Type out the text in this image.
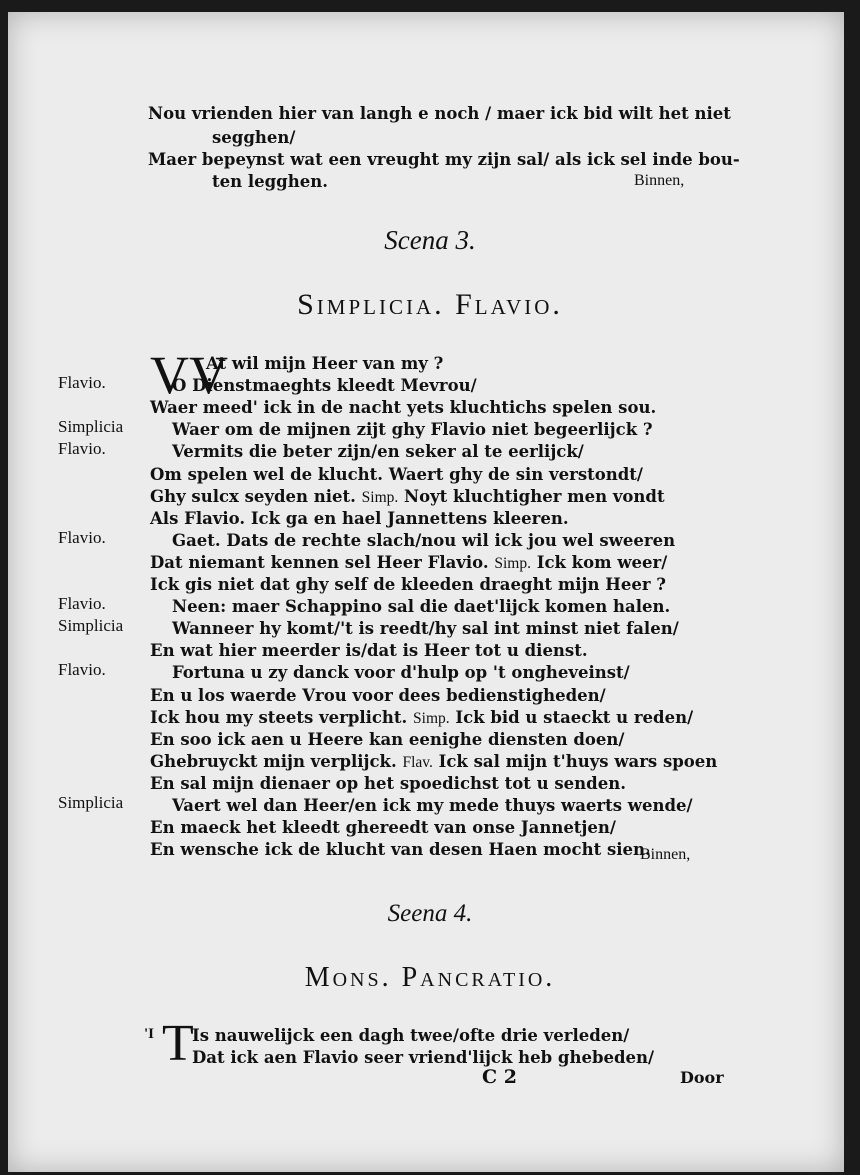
Nou vrienden hier van langh e noch / maer ick bid wilt het niet
segghen/
Maer bepeynst wat een vreught my zijn sal/ als ick sel inde bou-
ten legghen.	Binnen,
Scena 3.
Simplicia. Flavio.
VV
At wil mijn Heer van my ?
Flavio.	O Dienstmaeghts kleedt Mevrou/
Waer meed' ick in de nacht yets kluchtichs spelen sou.
Simplicia	Waer om de mijnen zijt ghy Flavio niet begeerlijck ?
Flavio.	Vermits die beter zijn/en seker al te eerlijck/
Om spelen wel de klucht. Waert ghy de sin verstondt/
Ghy sulcx seyden niet. Simp. Noyt kluchtigher men vondt
Als Flavio. Ick ga en hael Jannettens kleeren.
Flavio.	Gaet. Dats de rechte slach/nou wil ick jou wel sweeren
Dat niemant kennen sel Heer Flavio. Simp. Ick kom weer/
Ick gis niet dat ghy self de kleeden draeght mijn Heer ?
Flavio.	Neen: maer Schappino sal die daet'lijck komen halen.
Simplicia	Wanneer hy komt/'t is reedt/hy sal int minst niet falen/
En wat hier meerder is/dat is Heer tot u dienst.
Flavio.	Fortuna u zy danck voor d'hulp op 't ongheveinst/
En u los waerde Vrou voor dees bedienstigheden/
Ick hou my steets verplicht. Simp. Ick bid u staeckt u reden/
En soo ick aen u Heere kan eenighe diensten doen/
Ghebruyckt mijn verplijck. Flav. Ick sal mijn t'huys wars spoen
En sal mijn dienaer op het spoedichst tot u senden.
Simplicia	Vaert wel dan Heer/en ick my mede thuys waerts wende/
En maeck het kleedt ghereedt van onse Jannetjen/
En wensche ick de klucht van desen Haen mocht sien.
Binnen,
Seena 4.
Mons. Pancratio.
T
'I Is nauwelijck een dagh twee/ofte drie verleden/
Dat ick aen Flavio seer vriend'lijck heb ghebeden/
C 2	Door
